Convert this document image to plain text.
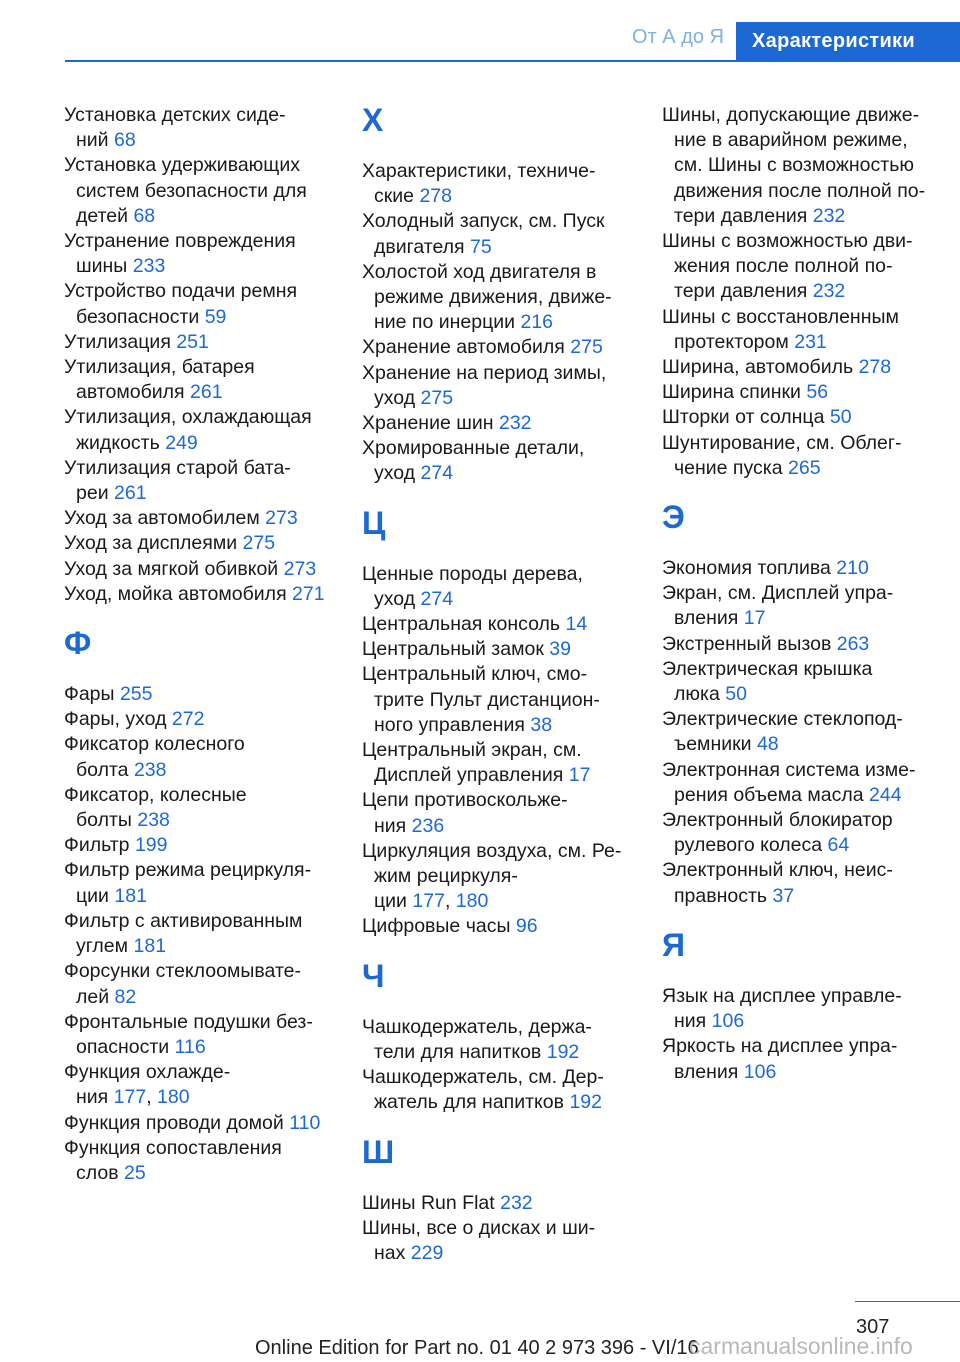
От А до Я	Характеристики
Установка детских сиде-
ний 68
Установка удерживающих
систем безопасности для
детей 68
Устранение повреждения
шины 233
Устройство подачи ремня
безопасности 59
Утилизация 251
Утилизация, батарея
автомобиля 261
Утилизация, охлаждающая
жидкость 249
Утилизация старой бата-
реи 261
Уход за автомобилем 273
Уход за дисплеями 275
Уход за мягкой обивкой 273
Уход, мойка автомобиля 271
Ф
Фары 255
Фары, уход 272
Фиксатор колесного
болта 238
Фиксатор, колесные
болты 238
Фильтр 199
Фильтр режима рециркуля-
ции 181
Фильтр с активированным
углем 181
Форсунки стеклоомывате-
лей 82
Фронтальные подушки без-
опасности 116
Функция охлажде-
ния 177, 180
Функция проводи домой 110
Функция сопоставления
слов 25
Х
Характеристики, техниче-
ские 278
Холодный запуск, см. Пуск
двигателя 75
Холостой ход двигателя в
режиме движения, движе-
ние по инерции 216
Хранение автомобиля 275
Хранение на период зимы,
уход 275
Хранение шин 232
Хромированные детали,
уход 274
Ц
Ценные породы дерева,
уход 274
Центральная консоль 14
Центральный замок 39
Центральный ключ, смо-
трите Пульт дистанцион-
ного управления 38
Центральный экран, см.
Дисплей управления 17
Цепи противоскольже-
ния 236
Циркуляция воздуха, см. Ре-
жим рециркуля-
ции 177, 180
Цифровые часы 96
Ч
Чашкодержатель, держа-
тели для напитков 192
Чашкодержатель, см. Дер-
жатель для напитков 192
Ш
Шины Run Flat 232
Шины, все о дисках и ши-
нах 229
Шины, допускающие движе-
ние в аварийном режиме,
см. Шины с возможностью
движения после полной по-
тери давления 232
Шины с возможностью дви-
жения после полной по-
тери давления 232
Шины с восстановленным
протектором 231
Ширина, автомобиль 278
Ширина спинки 56
Шторки от солнца 50
Шунтирование, см. Облег-
чение пуска 265
Э
Экономия топлива 210
Экран, см. Дисплей упра-
вления 17
Экстренный вызов 263
Электрическая крышка
люка 50
Электрические стеклопод-
ъемники 48
Электронная система изме-
рения объема масла 244
Электронный блокиратор
рулевого колеса 64
Электронный ключ, неис-
правность 37
Я
Язык на дисплее управле-
ния 106
Яркость на дисплее упра-
вления 106
307
Online Edition for Part no. 01 40 2 973 396 - VI/16
carmanualsonline.info
